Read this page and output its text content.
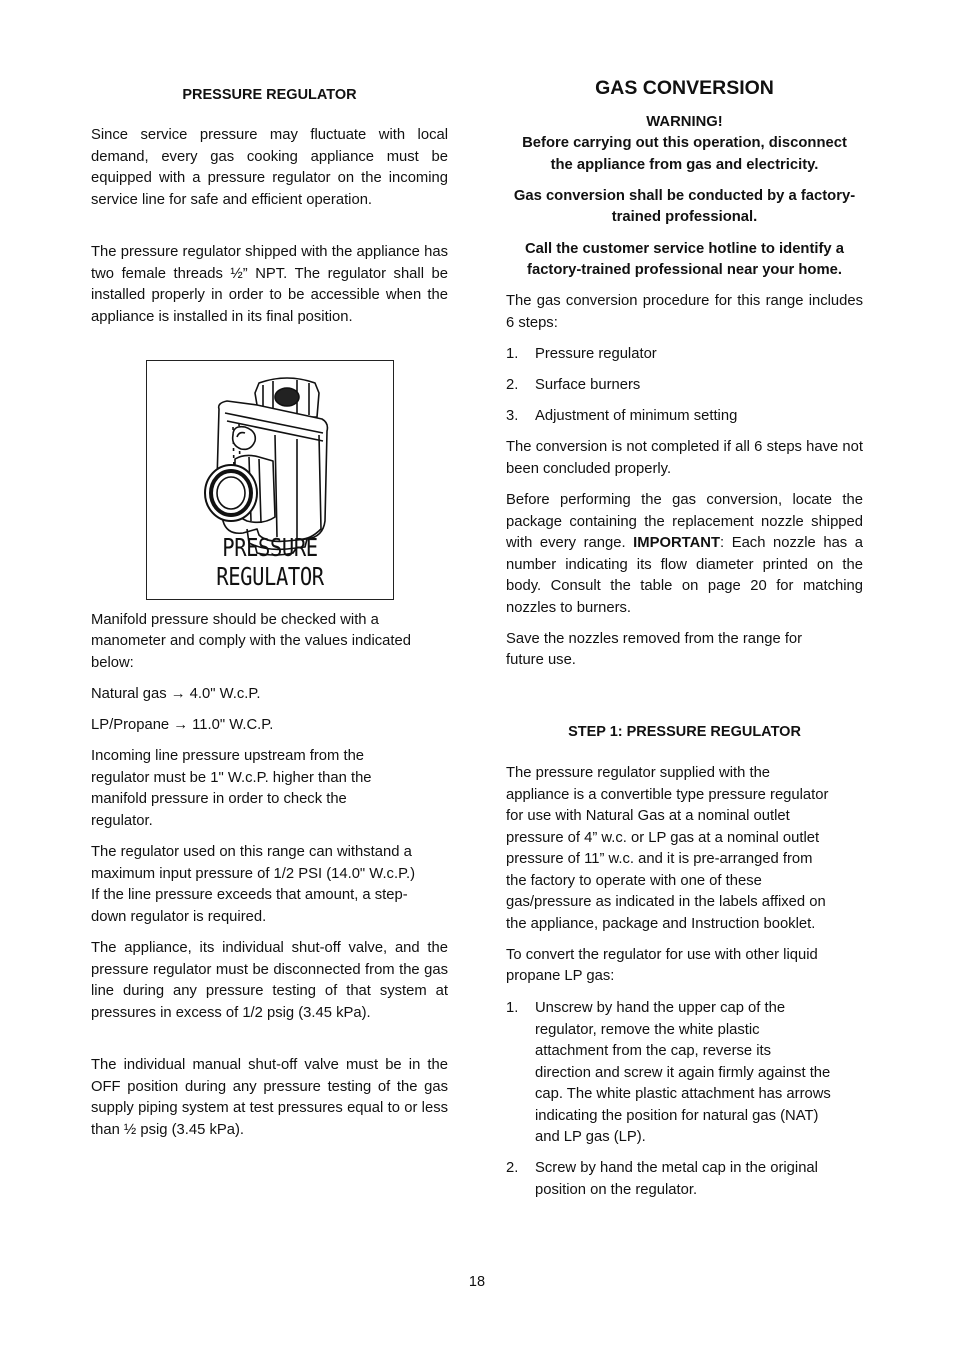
PRESSURE REGULATOR

Since service pressure may fluctuate with local demand, every gas cooking appliance must be equipped with a pressure regulator on the incoming service line for safe and efficient operation.

The pressure regulator shipped with the appliance has two female threads ½” NPT. The regulator shall be installed properly in order to be accessible when the appliance is installed in its final position.

PRESSURE REGULATOR

Manifold pressure should be checked with a

manometer and comply with the values indicated

below:

Natural gas → 4.0" W.c.P.

LP/Propane → 11.0" W.C.P.

Incoming line pressure upstream from the

regulator must be 1" W.c.P. higher than the

manifold pressure in order to check the

regulator.

The regulator used on this range can withstand a

maximum input pressure of 1/2 PSI (14.0" W.c.P.)

If the line pressure exceeds that amount, a step-

down regulator is required.

The appliance, its individual shut-off valve, and the pressure regulator must be disconnected from the gas line during any pressure testing of that system at pressures in excess of 1/2 psig (3.45 kPa).

The individual manual shut-off valve must be in the OFF position during any pressure testing of the gas supply piping system at test pressures equal to or less than ½ psig (3.45 kPa).

GAS CONVERSION
WARNING!
Before carrying out this operation, disconnect
the appliance from gas and electricity.
Gas conversion shall be conducted by a factory-
trained professional.
Call the customer service hotline to identify a
factory-trained professional near your home.

The gas conversion procedure for this range includes 6 steps:

1. Pressure regulator
2. Surface burners
3. Adjustment of minimum setting

The conversion is not completed if all 6 steps have not been concluded properly.

Before performing the gas conversion, locate the package containing the replacement nozzle shipped with every range. IMPORTANT: Each nozzle has a number indicating its flow diameter printed on the body. Consult the table on page 20 for matching nozzles to burners.

Save the nozzles removed from the range for

future use.

STEP 1: PRESSURE REGULATOR

The pressure regulator supplied with the

appliance is a convertible type pressure regulator

for use with Natural Gas at a nominal outlet

pressure of 4” w.c. or LP gas at a nominal outlet

pressure of 11” w.c. and it is pre-arranged from

the factory to operate with one of these

gas/pressure as indicated in the labels affixed on

the appliance, package and Instruction booklet.

To convert the regulator for use with other liquid

propane LP gas:

1. Unscrew by hand the upper cap of the
regulator, remove the white plastic
attachment from the cap, reverse its
direction and screw it again firmly against the
cap. The white plastic attachment has arrows
indicating the position for natural gas (NAT)
and LP gas (LP).
2. Screw by hand the metal cap in the original
position on the regulator.
18
